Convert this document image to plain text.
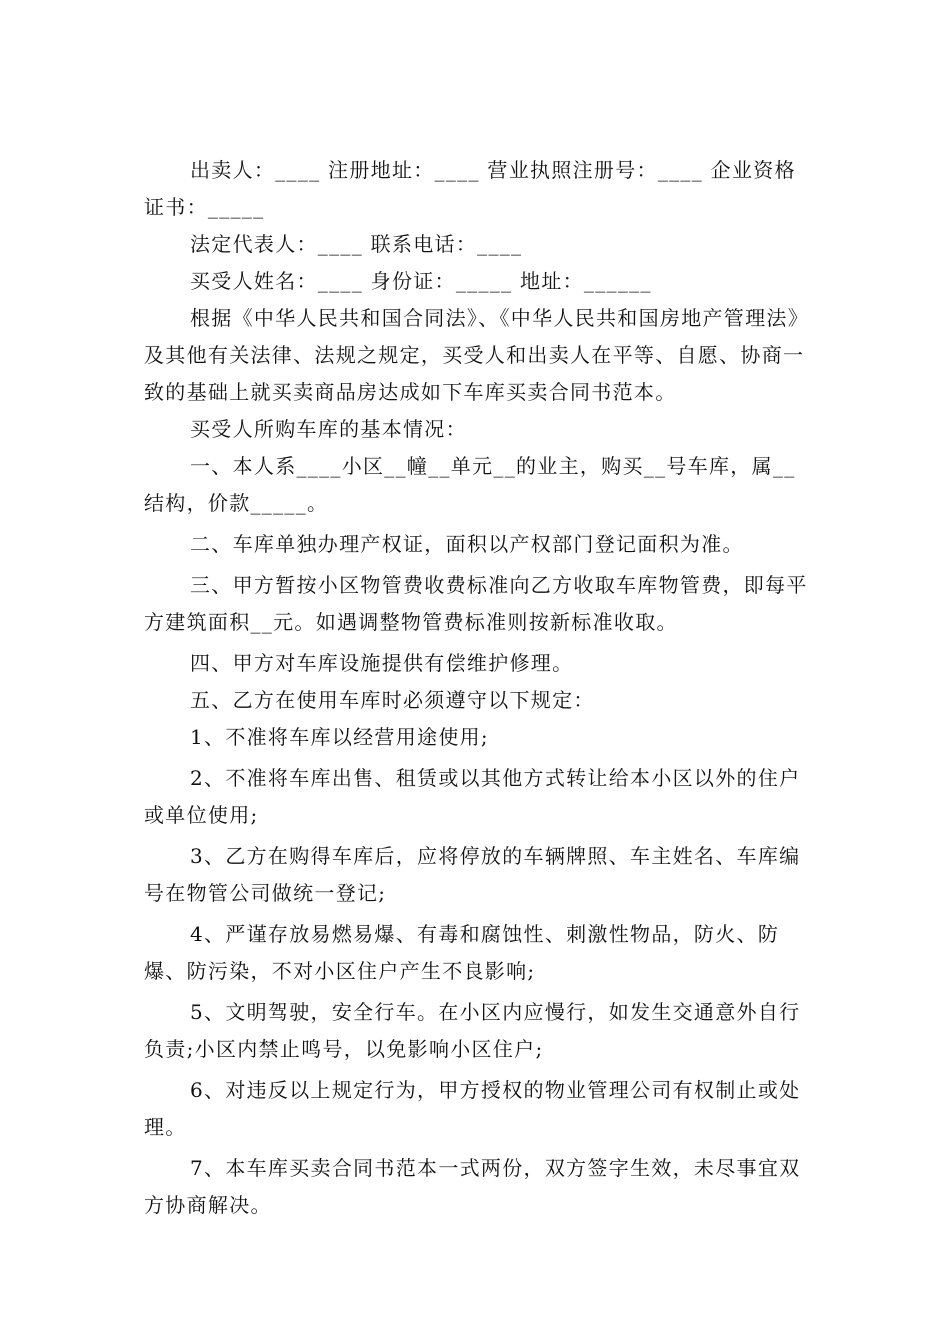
出卖人：____ 注册地址：____ 营业执照注册号：____ 企业资格证书：_____

法定代表人：____ 联系电话：____

买受人姓名：____ 身份证：_____ 地址：______

根据《中华人民共和国合同法》、《中华人民共和国房地产管理法》及其他有关法律、法规之规定，买受人和出卖人在平等、自愿、协商一致的基础上就买卖商品房达成如下车库买卖合同书范本。

买受人所购车库的基本情况：

一、本人系____小区__幢__单元__的业主，购买__号车库，属__结构，价款_____。

二、车库单独办理产权证，面积以产权部门登记面积为准。

三、甲方暂按小区物管费收费标准向乙方收取车库物管费，即每平方建筑面积__元。如遇调整物管费标准则按新标准收取。

四、甲方对车库设施提供有偿维护修理。

五、乙方在使用车库时必须遵守以下规定：

1、不准将车库以经营用途使用;

2、不准将车库出售、租赁或以其他方式转让给本小区以外的住户或单位使用;

3、乙方在购得车库后，应将停放的车辆牌照、车主姓名、车库编号在物管公司做统一登记;

4、严谨存放易燃易爆、有毒和腐蚀性、刺激性物品，防火、防爆、防污染，不对小区住户产生不良影响;

5、文明驾驶，安全行车。在小区内应慢行，如发生交通意外自行负责;小区内禁止鸣号，以免影响小区住户;

6、对违反以上规定行为，甲方授权的物业管理公司有权制止或处理。

7、本车库买卖合同书范本一式两份，双方签字生效，未尽事宜双方协商解决。
